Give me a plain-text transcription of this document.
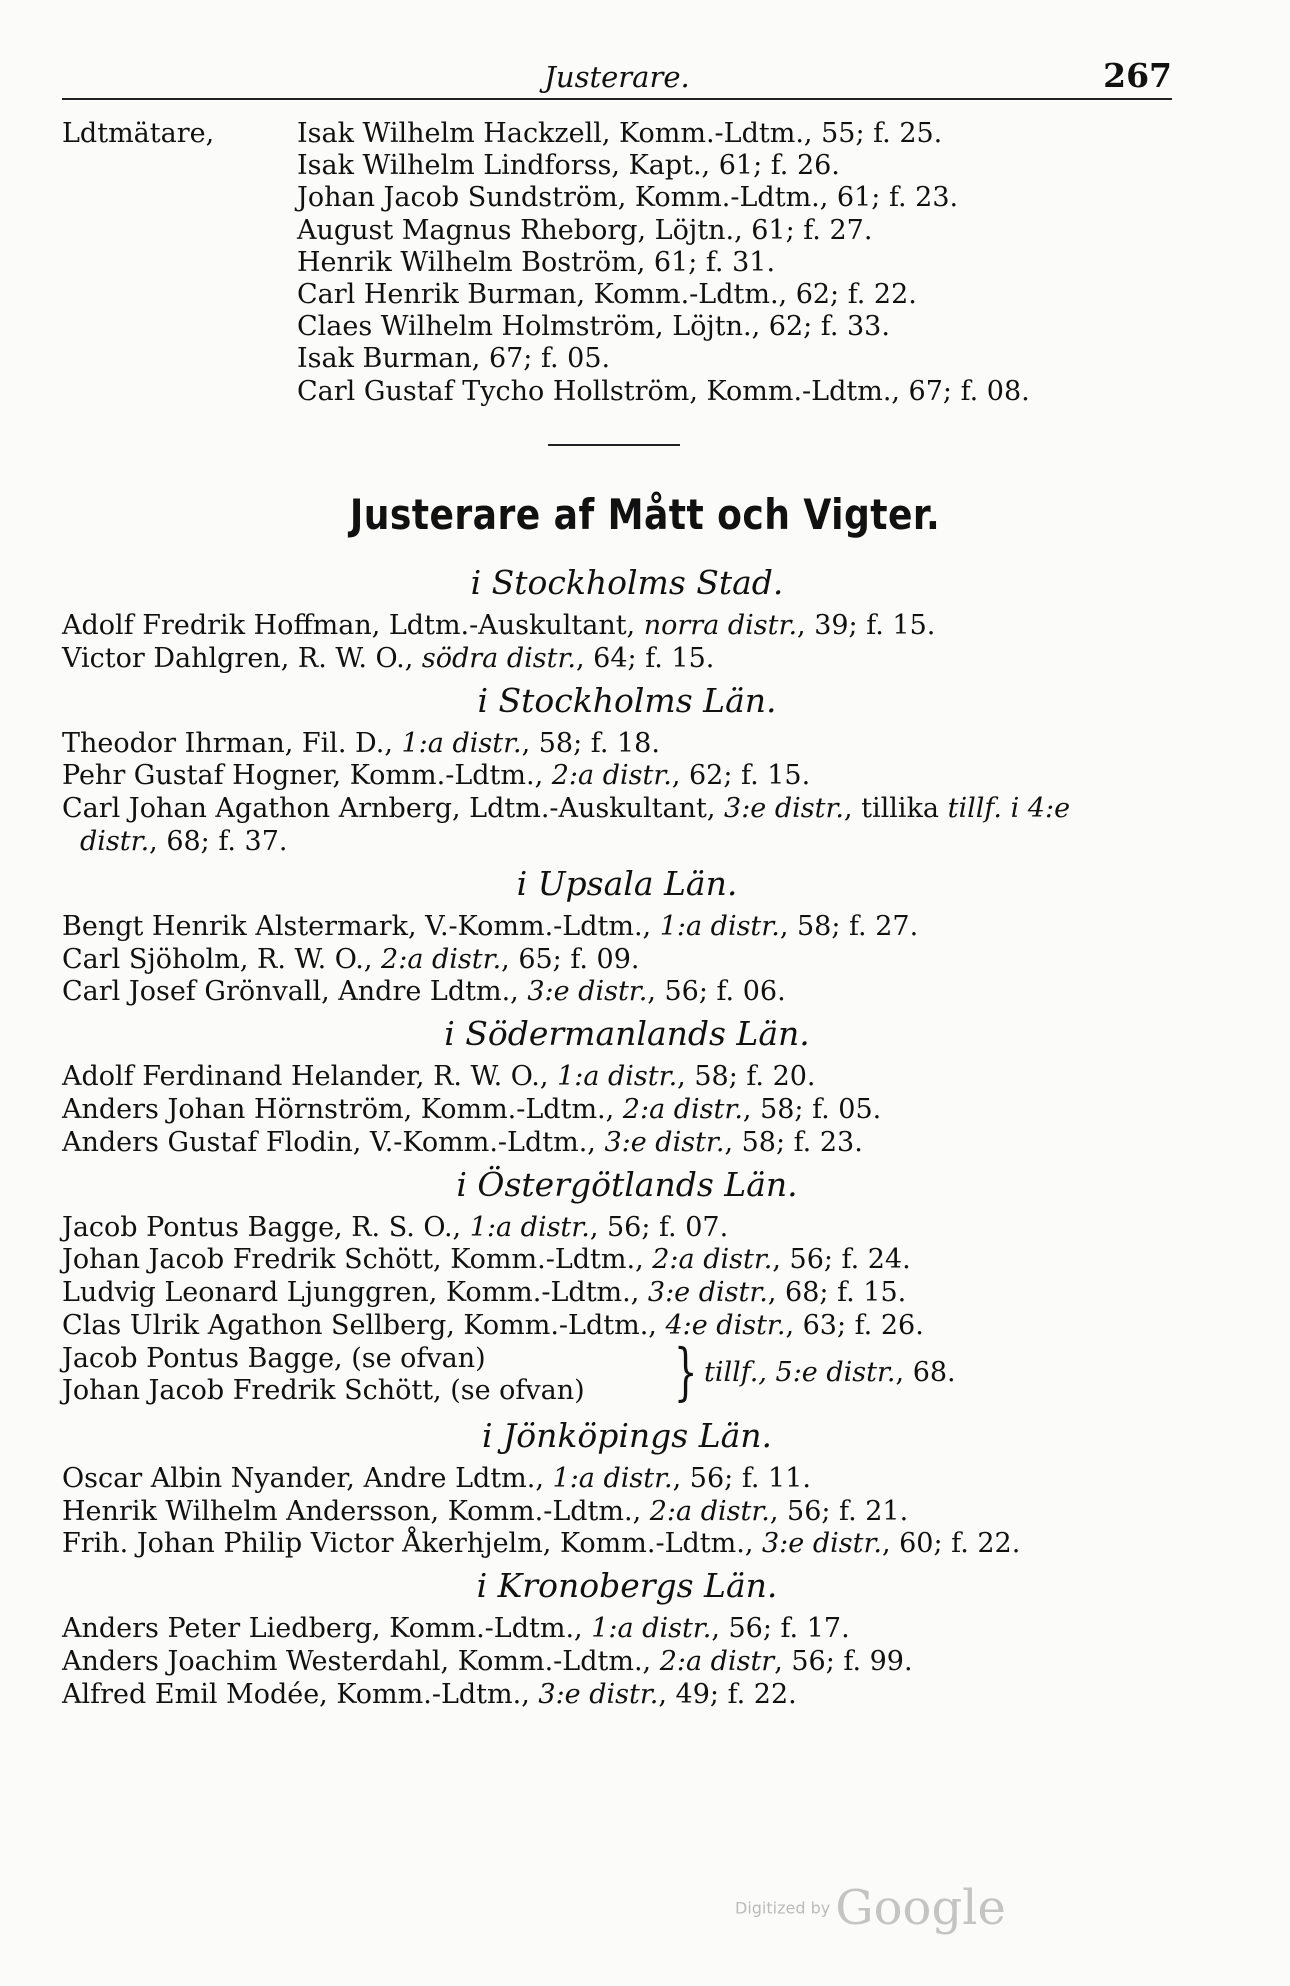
Justerare.	267
Ldtmätare,	Isak Wilhelm Hackzell, Komm.-Ldtm., 55; f. 25.
Isak Wilhelm Lindforss, Kapt., 61; f. 26.
Johan Jacob Sundström, Komm.-Ldtm., 61; f. 23.
August Magnus Rheborg, Löjtn., 61; f. 27.
Henrik Wilhelm Boström, 61; f. 31.
Carl Henrik Burman, Komm.-Ldtm., 62; f. 22.
Claes Wilhelm Holmström, Löjtn., 62; f. 33.
Isak Burman, 67; f. 05.
Carl Gustaf Tycho Hollström, Komm.-Ldtm., 67; f. 08.
Justerare af Mått och Vigter.

i Stockholms Stad.

Adolf Fredrik Hoffman, Ldtm.-Auskultant, norra distr., 39; f. 15.

Victor Dahlgren, R. W. O., södra distr., 64; f. 15.

i Stockholms Län.

Theodor Ihrman, Fil. D., 1:a distr., 58; f. 18.

Pehr Gustaf Hogner, Komm.-Ldtm., 2:a distr., 62; f. 15.

Carl Johan Agathon Arnberg, Ldtm.-Auskultant, 3:e distr., tillika tillf. i 4:e
distr., 68; f. 37.

i Upsala Län.

Bengt Henrik Alstermark, V.-Komm.-Ldtm., 1:a distr., 58; f. 27.

Carl Sjöholm, R. W. O., 2:a distr., 65; f. 09.

Carl Josef Grönvall, Andre Ldtm., 3:e distr., 56; f. 06.

i Södermanlands Län.

Adolf Ferdinand Helander, R. W. O., 1:a distr., 58; f. 20.

Anders Johan Hörnström, Komm.-Ldtm., 2:a distr., 58; f. 05.

Anders Gustaf Flodin, V.-Komm.-Ldtm., 3:e distr., 58; f. 23.

i Östergötlands Län.

Jacob Pontus Bagge, R. S. O., 1:a distr., 56; f. 07.

Johan Jacob Fredrik Schött, Komm.-Ldtm., 2:a distr., 56; f. 24.

Ludvig Leonard Ljunggren, Komm.-Ldtm., 3:e distr., 68; f. 15.

Clas Ulrik Agathon Sellberg, Komm.-Ldtm., 4:e distr., 63; f. 26.

Jacob Pontus Bagge, (se ofvan)
Johan Jacob Fredrik Schött, (se ofvan) } tillf., 5:e distr., 68.

i Jönköpings Län.

Oscar Albin Nyander, Andre Ldtm., 1:a distr., 56; f. 11.

Henrik Wilhelm Andersson, Komm.-Ldtm., 2:a distr., 56; f. 21.

Frih. Johan Philip Victor Åkerhjelm, Komm.-Ldtm., 3:e distr., 60; f. 22.

i Kronobergs Län.

Anders Peter Liedberg, Komm.-Ldtm., 1:a distr., 56; f. 17.

Anders Joachim Westerdahl, Komm.-Ldtm., 2:a distr, 56; f. 99.

Alfred Emil Modée, Komm.-Ldtm., 3:e distr., 49; f. 22.

Digitized by Google
